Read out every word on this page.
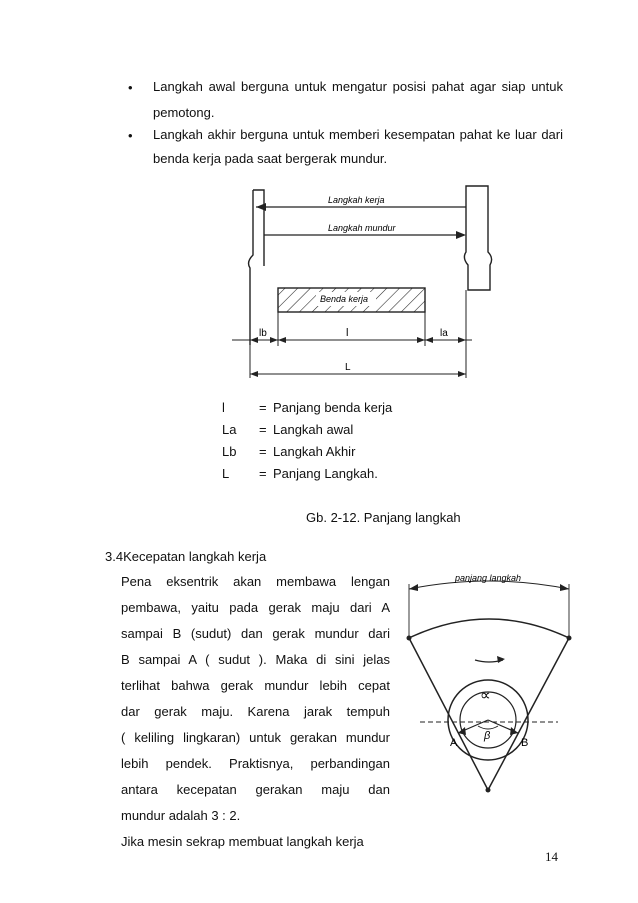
• Langkah awal berguna untuk mengatur posisi pahat agar siap untuk
pemotong.
• Langkah akhir berguna untuk memberi kesempatan pahat ke luar dari
benda kerja pada saat bergerak mundur.
Langkah kerja
Langkah mundur
Benda kerja
lb	l	la
L
l	=	Panjang benda kerja
La	=	Langkah awal
Lb	=	Langkah Akhir
L	=	Panjang Langkah.
Gb. 2-12. Panjang langkah
3.4Kecepatan langkah kerja
Pena eksentrik akan membawa lengan
pembawa, yaitu pada gerak maju dari A
sampai B (sudut) dan gerak mundur dari
B sampai A ( sudut ). Maka di sini jelas
terlihat bahwa gerak mundur lebih cepat
dar gerak maju. Karena jarak tempuh
( keliling lingkaran) untuk gerakan mundur
lebih pendek. Praktisnya, perbandingan
antara kecepatan gerakan maju dan
mundur adalah 3 : 2.
Jika mesin sekrap membuat langkah kerja
panjang langkah
∝
β
A	B
14
